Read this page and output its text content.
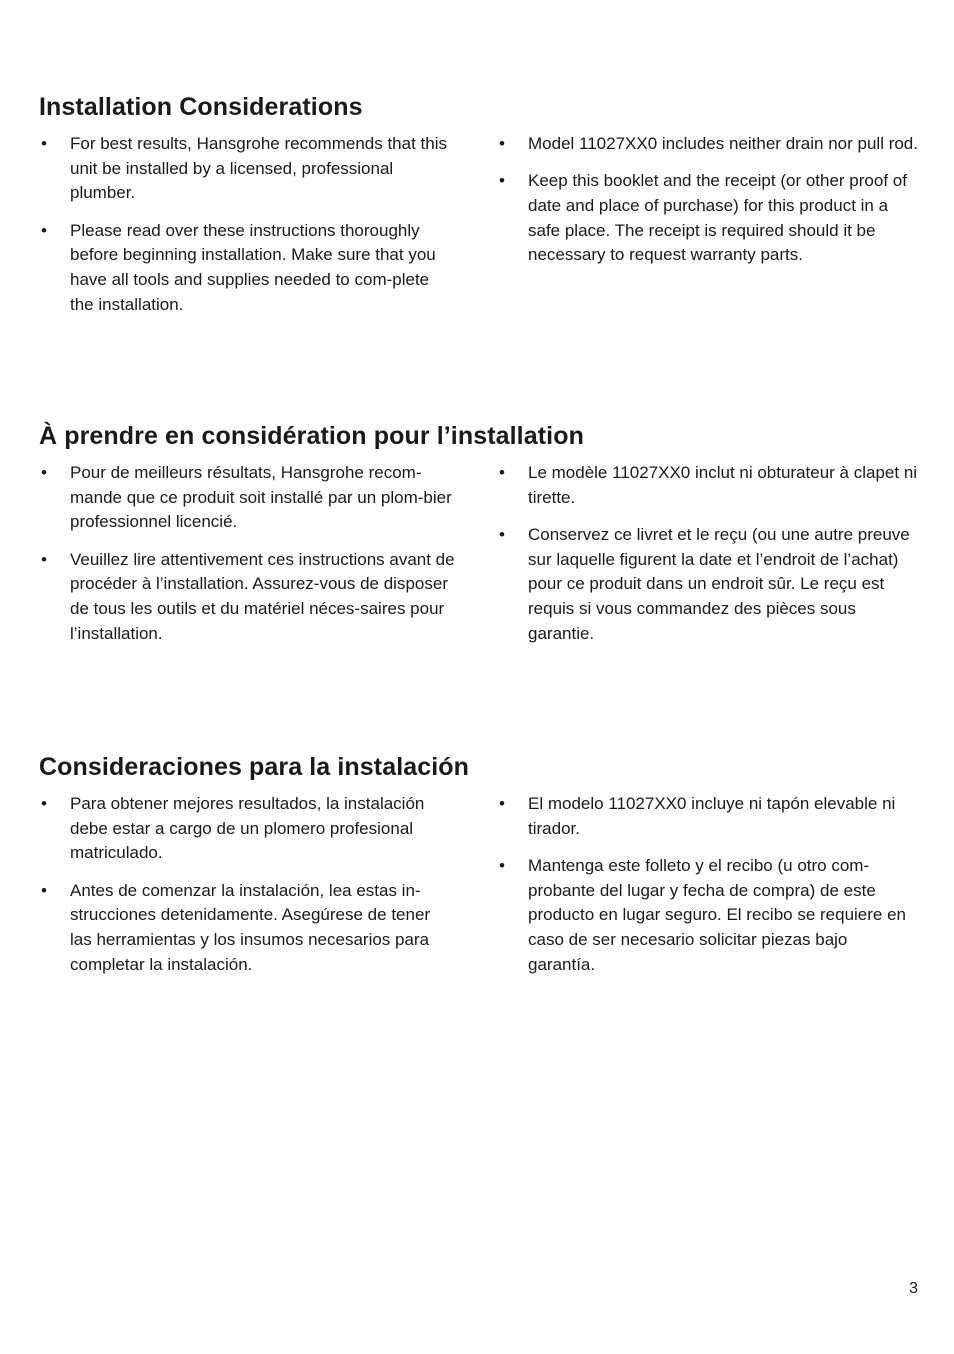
Installation Considerations
• For best results, Hansgrohe recommends that this unit be installed by a licensed, professional plumber.
• Please read over these instructions thoroughly before beginning installation. Make sure that you have all tools and supplies needed to com-plete the installation.
• Model 11027XX0 includes neither drain nor pull rod.
• Keep this booklet and the receipt (or other proof of date and place of purchase) for this product in a safe place. The receipt is required should it be necessary to request warranty parts.
À prendre en considération pour l’installation
• Pour de meilleurs résultats, Hansgrohe recom-mande que ce produit soit installé par un plom-bier professionnel licencié.
• Veuillez lire attentivement ces instructions avant de procéder à l’installation. Assurez-vous de disposer de tous les outils et du matériel néces-saires pour l’installation.
• Le modèle 11027XX0 inclut ni obturateur à clapet ni tirette.
• Conservez ce livret et le reçu (ou une autre preuve sur laquelle figurent la date et l’endroit de l’achat) pour ce produit dans un endroit sûr. Le reçu est requis si vous commandez des pièces sous garantie.
Consideraciones para la instalación
• Para obtener mejores resultados, la instalación debe estar a cargo de un plomero profesional matriculado.
• Antes de comenzar la instalación, lea estas in-strucciones detenidamente. Asegúrese de tener las herramientas y los insumos necesarios para completar la instalación.
• El modelo 11027XX0 incluye ni tapón elevable ni tirador.
• Mantenga este folleto y el recibo (u otro com-probante del lugar y fecha de compra) de este producto en lugar seguro. El recibo se requiere en caso de ser necesario solicitar piezas bajo garantía.
3
